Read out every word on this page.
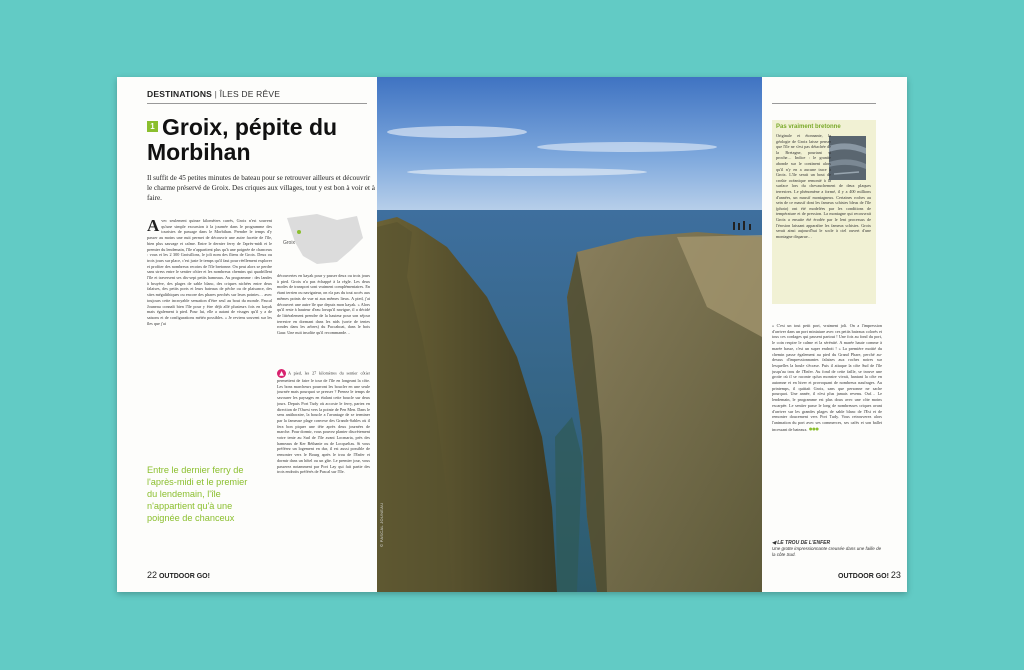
DESTINATIONS | ÎLES DE RÊVE
1 Groix, pépite du Morbihan
Il suffit de 45 petites minutes de bateau pour se retrouver ailleurs et découvrir le charme préservé de Groix. Des criques aux villages, tout y est bon à voir et à faire.
Avec seulement quinze kilomètres carrés, Groix n'est souvent qu'une simple excursion à la journée dans le programme des touristes de passage dans le Morbihan. Prendre le temps d'y passer au moins une nuit permet de découvrir une autre facette de l'île, bien plus sauvage et calme. Entre le dernier ferry de l'après-midi et le premier du lendemain, l'île n'appartient plus qu'à une poignée de chanceux : vous et les 2 300 Groisillons, le joli nom des îliens de Groix. Deux ou trois jours sur place, c'est juste le temps qu'il faut pour réellement explorer et profiter des nombreux recoins de l'île bretonne. On peut alors se perdre sans stress entre le sentier côtier et les nombreux chemins qui quadrillent l'île et traversent ses dix-sept petits hameaux. Au programme : des landes à bruyère, des plages de sable blanc, des criques nichées entre deux falaises, des petits ports et leurs bateaux de pêche ou de plaisance, des sites mégalithiques ou encore des phares perchés sur leurs pointes… avec toujours cette incroyable sensation d'être seul au bout du monde. Pascal Jouneau connaît bien l'île pour y être déjà allé plusieurs fois en kayak mais également à pied. Pour lui, elle a autant de visages qu'il y a de saisons et de configurations météo possibles. « Je reviens souvent sur les îles que j'ai
Groix
découvertes en kayak pour y passer deux ou trois jours à pied. Groix n'a pas échappé à la règle. Les deux modes de transport sont vraiment complémentaires. En étant terrien ou navigateur, on n'a pas du tout accès aux mêmes points de vue ni aux mêmes lieux. A pied, j'ai découvert une autre île que depuis mon kayak. » Alors qu'il reste à hauteur d'eau lorsqu'il navigue, il a décidé de littéralement prendre de la hauteur pour son séjour terrestre en dormant dans les nids (sorte de tentes rondes dans les arbres) du Paccaboat, dans le bois Gaur. Une nuit insolite qu'il recommande…
▲ A pied, les 27 kilomètres du sentier côtier permettent de faire le tour de l'île en longeant la côte. Les bons marcheurs pourront les boucler en une seule journée mais pourquoi se presser ? Prenez le temps de savourer les paysages en étalant cette boucle sur deux jours. Depuis Port Tudy où accoste le ferry, partez en direction de l'Ouest vers la pointe de Pen Men. Dans le sens antihoraire, la boucle a l'avantage de se terminer par la fameuse plage convexe des Grands-Sables où il fera bon piquer une tête après deux journées de marche. Pour dormir, vous pouvez planter discrètement votre tente au Sud de l'île avant Locmaria, près des hameaux de Ker Béthanie ou de Locqueltas. Si vous préférez un logement en dur, il est aussi possible de remonter vers le Bourg après le trou de l'Enfer et dormir dans un hôtel ou un gîte. Le premier jour, vous passerez notamment par Port Lay qui fait partie des trois endroits préférés de Pascal sur l'île.
Entre le dernier ferry de l'après-midi et le premier du lendemain, l'île n'appartient qu'à une poignée de chanceux
22 OUTDOOR GO!
© PASCAL JOUNEAU
Pas vraiment bretonne
Originale et étonnante, la géologie de Groix laisse penser que l'île ne s'est pas détachée de la Bretagne, pourtant si proche… Indice : le granite abonde sur le continent alors qu'il n'y en a aucune trace à Groix. L'île serait un bout de croûte océanique remonté à la surface lors du chevauchement de deux plaques terrestres. Le phénomène a formé, il y a 400 millions d'années, un massif montagneux. Certaines roches au sein de ce massif dont les fameux schistes bleus de l'île (photo) ont été modelées par les conditions de température et de pression. La montagne qui recouvrait Groix a ensuite été érodée par le lent processus de l'érosion laissant apparaître les fameux schistes. Groix serait ainsi aujourd'hui le socle à ciel ouvert d'une montagne disparue…
« C'est un tout petit port, vraiment joli. On a l'impression d'arriver dans un port miniature avec ces petits bateaux colorés et tous ces cordages qui passent partout ! Une fois au fond du port, le coin respire le calme et la sérénité. A marée haute comme à marée basse, c'est un super endroit ! » La première moitié du chemin passe également au pied du Grand Phare, perché au-dessus d'impressionnantes falaises aux roches noires sur lesquelles la houle s'écrase. Puis il attaque la côte Sud de l'île jusqu'au trou de l'Enfer. Au fond de cette faille, se trouve une grotte où il se raconte qu'un monstre vivait, hantant la côte en automne et en hiver et provoquant de nombreux naufrages. Au printemps, il quittait Groix, sans que personne ne sache pourquoi. Une année, il n'est plus jamais revenu. Ouf… Le lendemain, le programme est plus doux avec une côte moins escarpée. Le sentier passe le long de nombreuses criques avant d'arriver sur les grandes plages de sable blanc de l'Est et de remonter doucement vers Port Tudy. Vous retrouverez alors l'animation du port avec ses commerces, ses cafés et son ballet incessant de bateaux. ●●●
◀ LE TROU DE L'ENFER
Une grotte impressionnante creusée dans une faille de la côte Sud.
OUTDOOR GO! 23
